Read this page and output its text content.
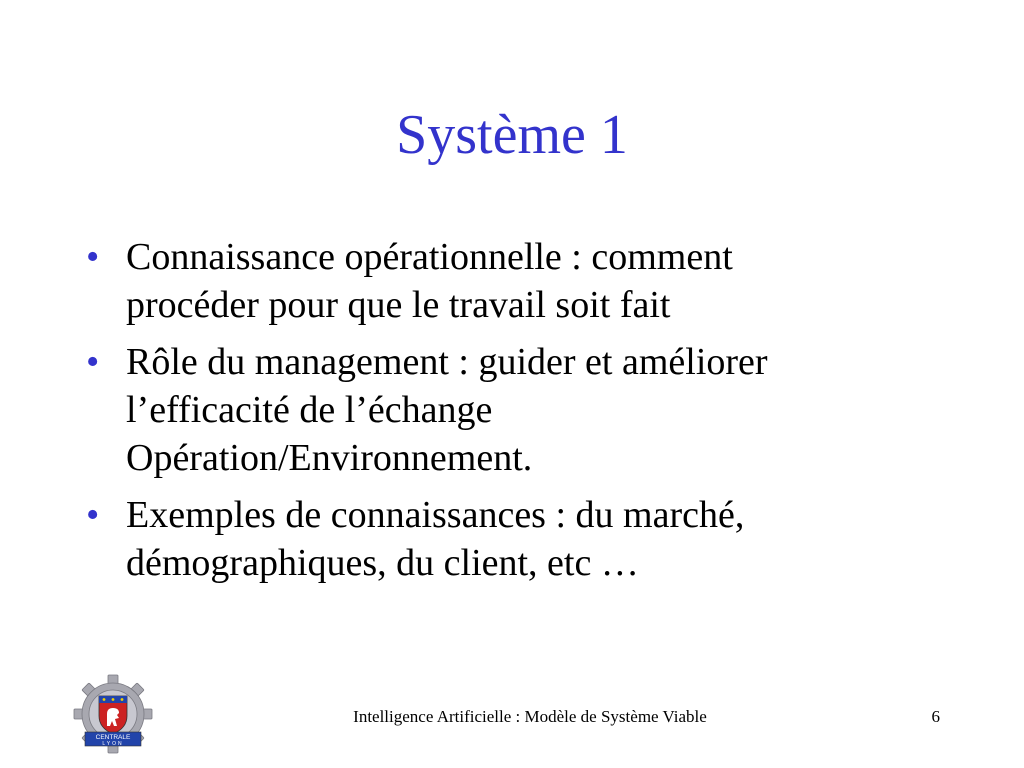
Système 1
• Connaissance opérationnelle : comment
procéder pour que le travail soit fait
• Rôle du management : guider et améliorer
l’efficacité de l’échange
Opération/Environnement.
• Exemples de connaissances : du marché,
démographiques, du client, etc …
CENTRALE
LYON
Intelligence Artificielle : Modèle de Système Viable	6
